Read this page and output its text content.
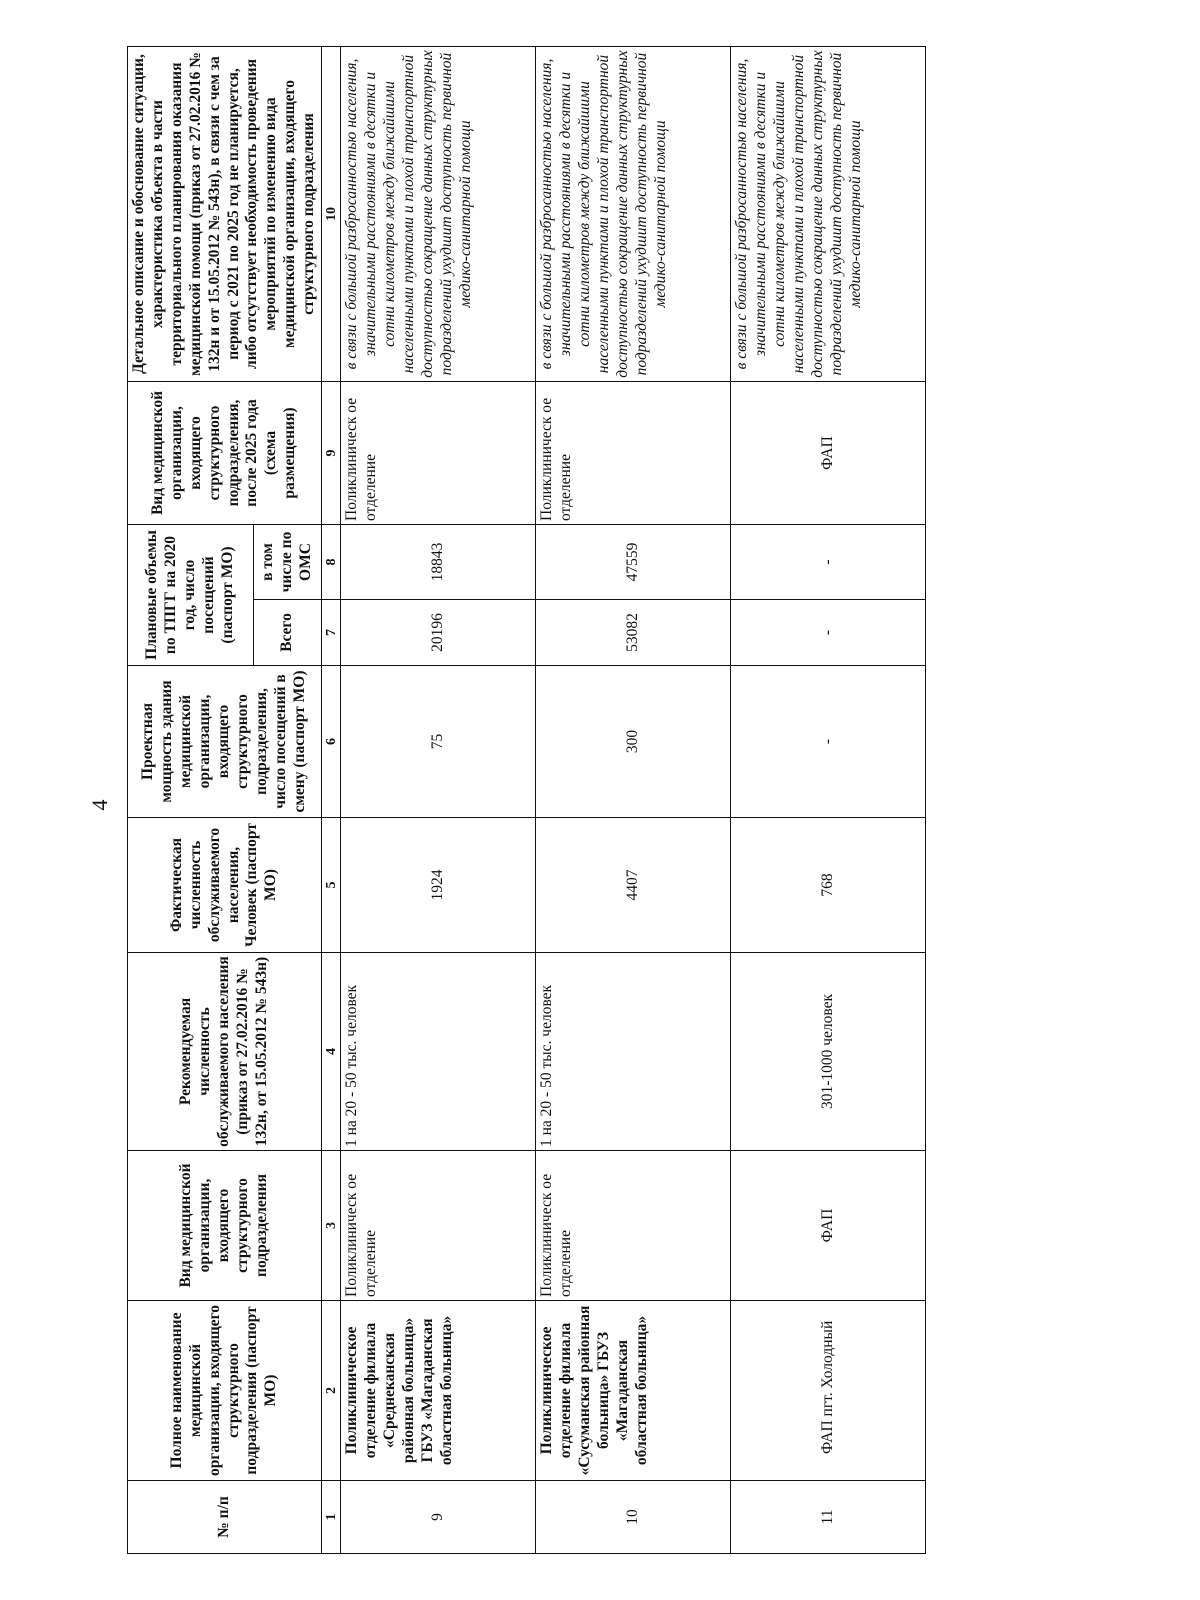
4
№ п/п	Полное наименование медицинской организации, входящего структурного подразделения (паспорт МО)	Вид медицинской организации, входящего структурного подразделения	Рекомендуемая численность обслуживаемого населения (приказ от 27.02.2016 № 132н, от 15.05.2012 № 543н)	Фактическая численность обслуживаемого населения, Человек (паспорт МО)	Проектная мощность здания медицинской организации, входящего структурного подразделения, число посещений в смену (паспорт МО)	Плановые объемы по ТПГГ на 2020 год, число посещений (паспорт МО)		Вид медицинской организации, входящего структурного подразделения, после 2025 года (схема размещения)	Детальное описание и обоснование ситуации, характеристика объекта в части территориального планирования оказания медицинской помощи (приказ от 27.02.2016 № 132н и от 15.05.2012 № 543н), в связи с чем за период с 2021 по 2025 год не планируется, либо отсутствует необходимость проведения мероприятий по изменению вида медицинской организации, входящего структурного подразделения
						Всего	в том числе по ОМС		
1	2	3	4	5	6	7	8	9	10
9	Поликлиническое отделение филиала «Среднеканская районная больница» ГБУЗ «Магаданская областная больница»	Поликлиническ ое отделение	1 на 20 - 50 тыс. человек	1924	75	20196	18843	Поликлиническ ое отделение	в связи с большой разбросанностью населения, значительными расстояниями в десятки и сотни километров между ближайшими населенными пунктами и плохой транспортной доступностью сокращение данных структурных подразделений ухудшит доступность первичной медико-санитарной помощи
10	Поликлиническое отделение филиала «Сусуманская районная больница» ГБУЗ «Магаданская областная больница»	Поликлиническ ое отделение	1 на 20 - 50 тыс. человек	4407	300	53082	47559	Поликлиническ ое отделение	в связи с большой разбросанностью населения, значительными расстояниями в десятки и сотни километров между ближайшими населенными пунктами и плохой транспортной доступностью сокращение данных структурных подразделений ухудшит доступность первичной медико-санитарной помощи
11	ФАП пгт. Холодный	ФАП	301-1000 человек	768	-	-	-	ФАП	в связи с большой разбросанностью населения, значительными расстояниями в десятки и сотни километров между ближайшими населенными пунктами и плохой транспортной доступностью сокращение данных структурных подразделений ухудшит доступность первичной медико-санитарной помощи
